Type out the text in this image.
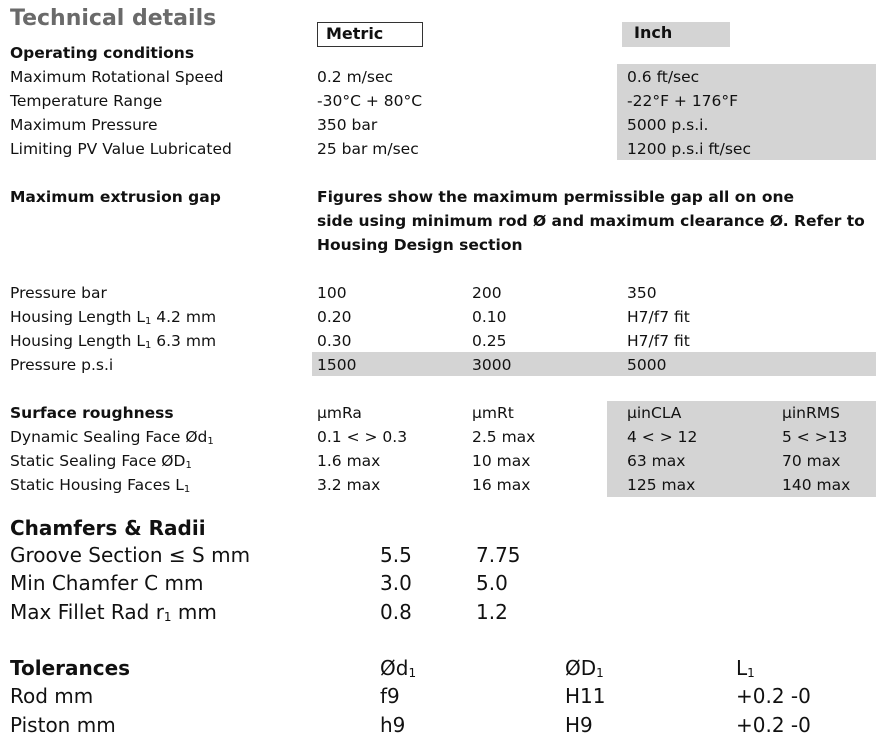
Technical details
Metric	Inch
Operating conditions
Maximum Rotational Speed	0.2 m/sec	0.6 ft/sec
Temperature Range	-30°C + 80°C	-22°F + 176°F
Maximum Pressure	350 bar	5000 p.s.i.
Limiting PV Value Lubricated	25 bar m/sec	1200 p.s.i ft/sec
Maximum extrusion gap	Figures show the maximum permissible gap all on one
side using minimum rod Ø and maximum clearance Ø. Refer to
Housing Design section
Pressure bar	100	200	350
Housing Length $L_1$ 4.2 mm	0.20	0.10	H7/f7 fit
Housing Length $L_1$ 6.3 mm	0.30	0.25	H7/f7 fit
Pressure p.s.i	1500	3000	5000
Surface roughness	µmRa	µmRt	µinCLA	µinRMS
Dynamic Sealing Face $Ød_1$	0.1 < > 0.3	2.5 max	4 < > 12	5 < >13
Static Sealing Face $ØD_1$	1.6 max	10 max	63 max	70 max
Static Housing Faces $L_1$	3.2 max	16 max	125 max	140 max
Chamfers & Radii
Groove Section ≤ S mm	5.5	7.75
Min Chamfer C mm	3.0	5.0
Max Fillet Rad $r_1$ mm	0.8	1.2
Tolerances	$Ød_1$	$ØD_1$	$L_1$
Rod mm	f9	H11	+0.2 -0
Piston mm	h9	H9	+0.2 -0
